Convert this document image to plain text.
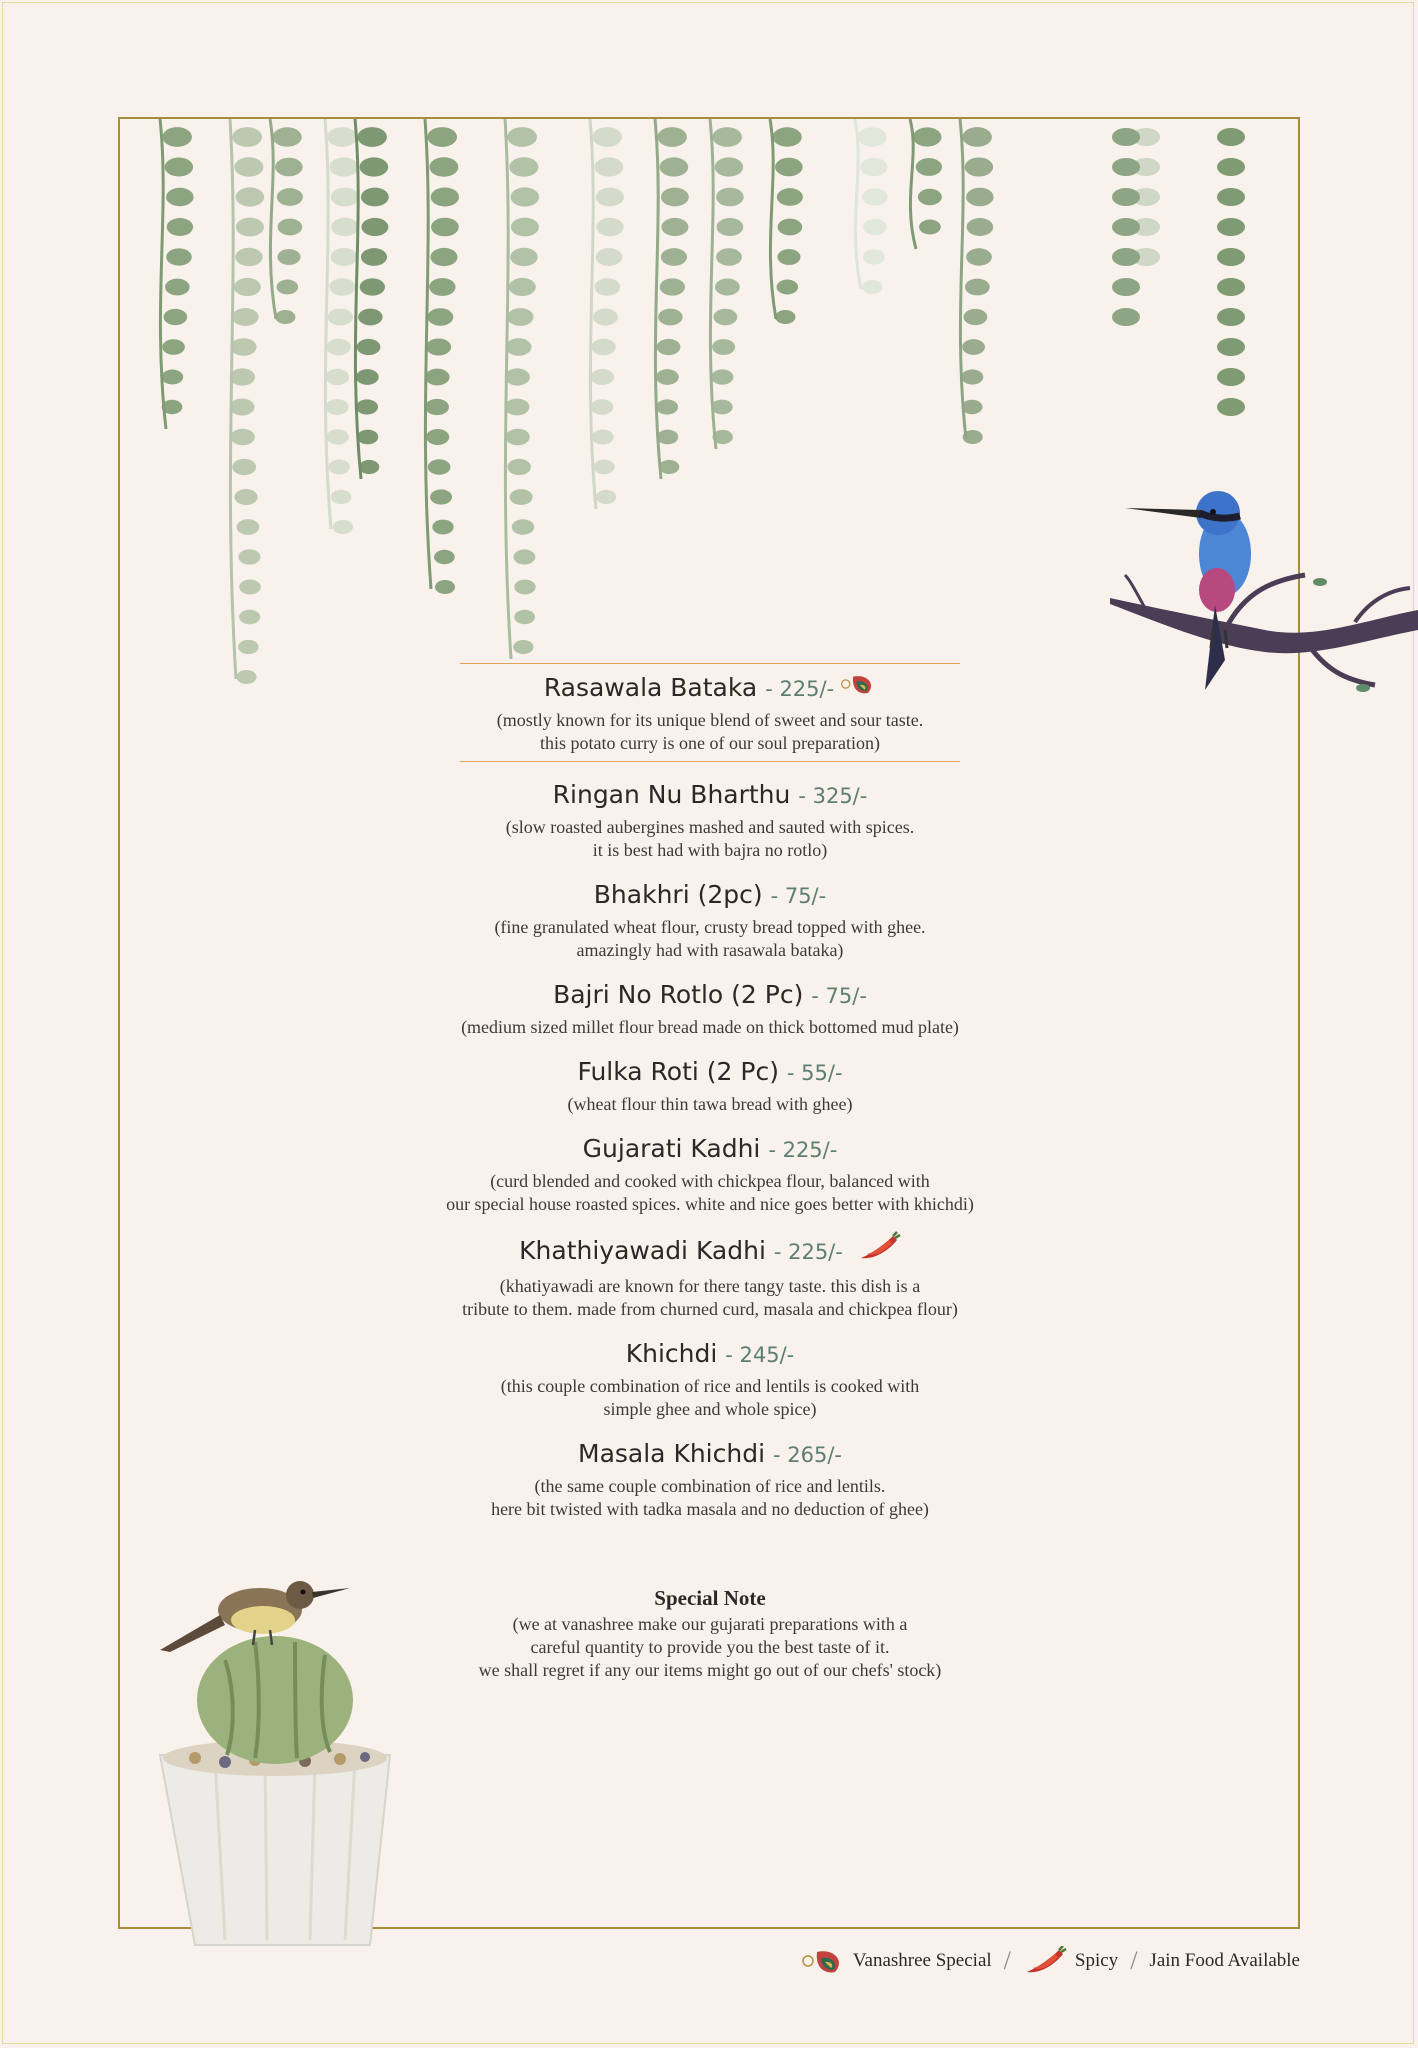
Rasawala Bataka - 225/-
(mostly known for its unique blend of sweet and sour taste.
this potato curry is one of our soul preparation)
Ringan Nu Bharthu - 325/-
(slow roasted aubergines mashed and sauted with spices.
it is best had with bajra no rotlo)
Bhakhri (2pc) - 75/-
(fine granulated wheat flour, crusty bread topped with ghee.
amazingly had with rasawala bataka)
Bajri No Rotlo (2 Pc) - 75/-
(medium sized millet flour bread made on thick bottomed mud plate)
Fulka Roti (2 Pc) - 55/-
(wheat flour thin tawa bread with ghee)
Gujarati Kadhi - 225/-
(curd blended and cooked with chickpea flour, balanced with
our special house roasted spices. white and nice goes better with khichdi)
Khathiyawadi Kadhi - 225/-
(khatiyawadi are known for there tangy taste. this dish is a
tribute to them. made from churned curd, masala and chickpea flour)
Khichdi - 245/-
(this couple combination of rice and lentils is cooked with
simple ghee and whole spice)
Masala Khichdi - 265/-
(the same couple combination of rice and lentils.
here bit twisted with tadka masala and no deduction of ghee)
Special Note
(we at vanashree make our gujarati preparations with a
careful quantity to provide you the best taste of it.
we shall regret if any our items might go out of our chefs' stock)
Vanashree Special /	Spicy / Jain Food Available
